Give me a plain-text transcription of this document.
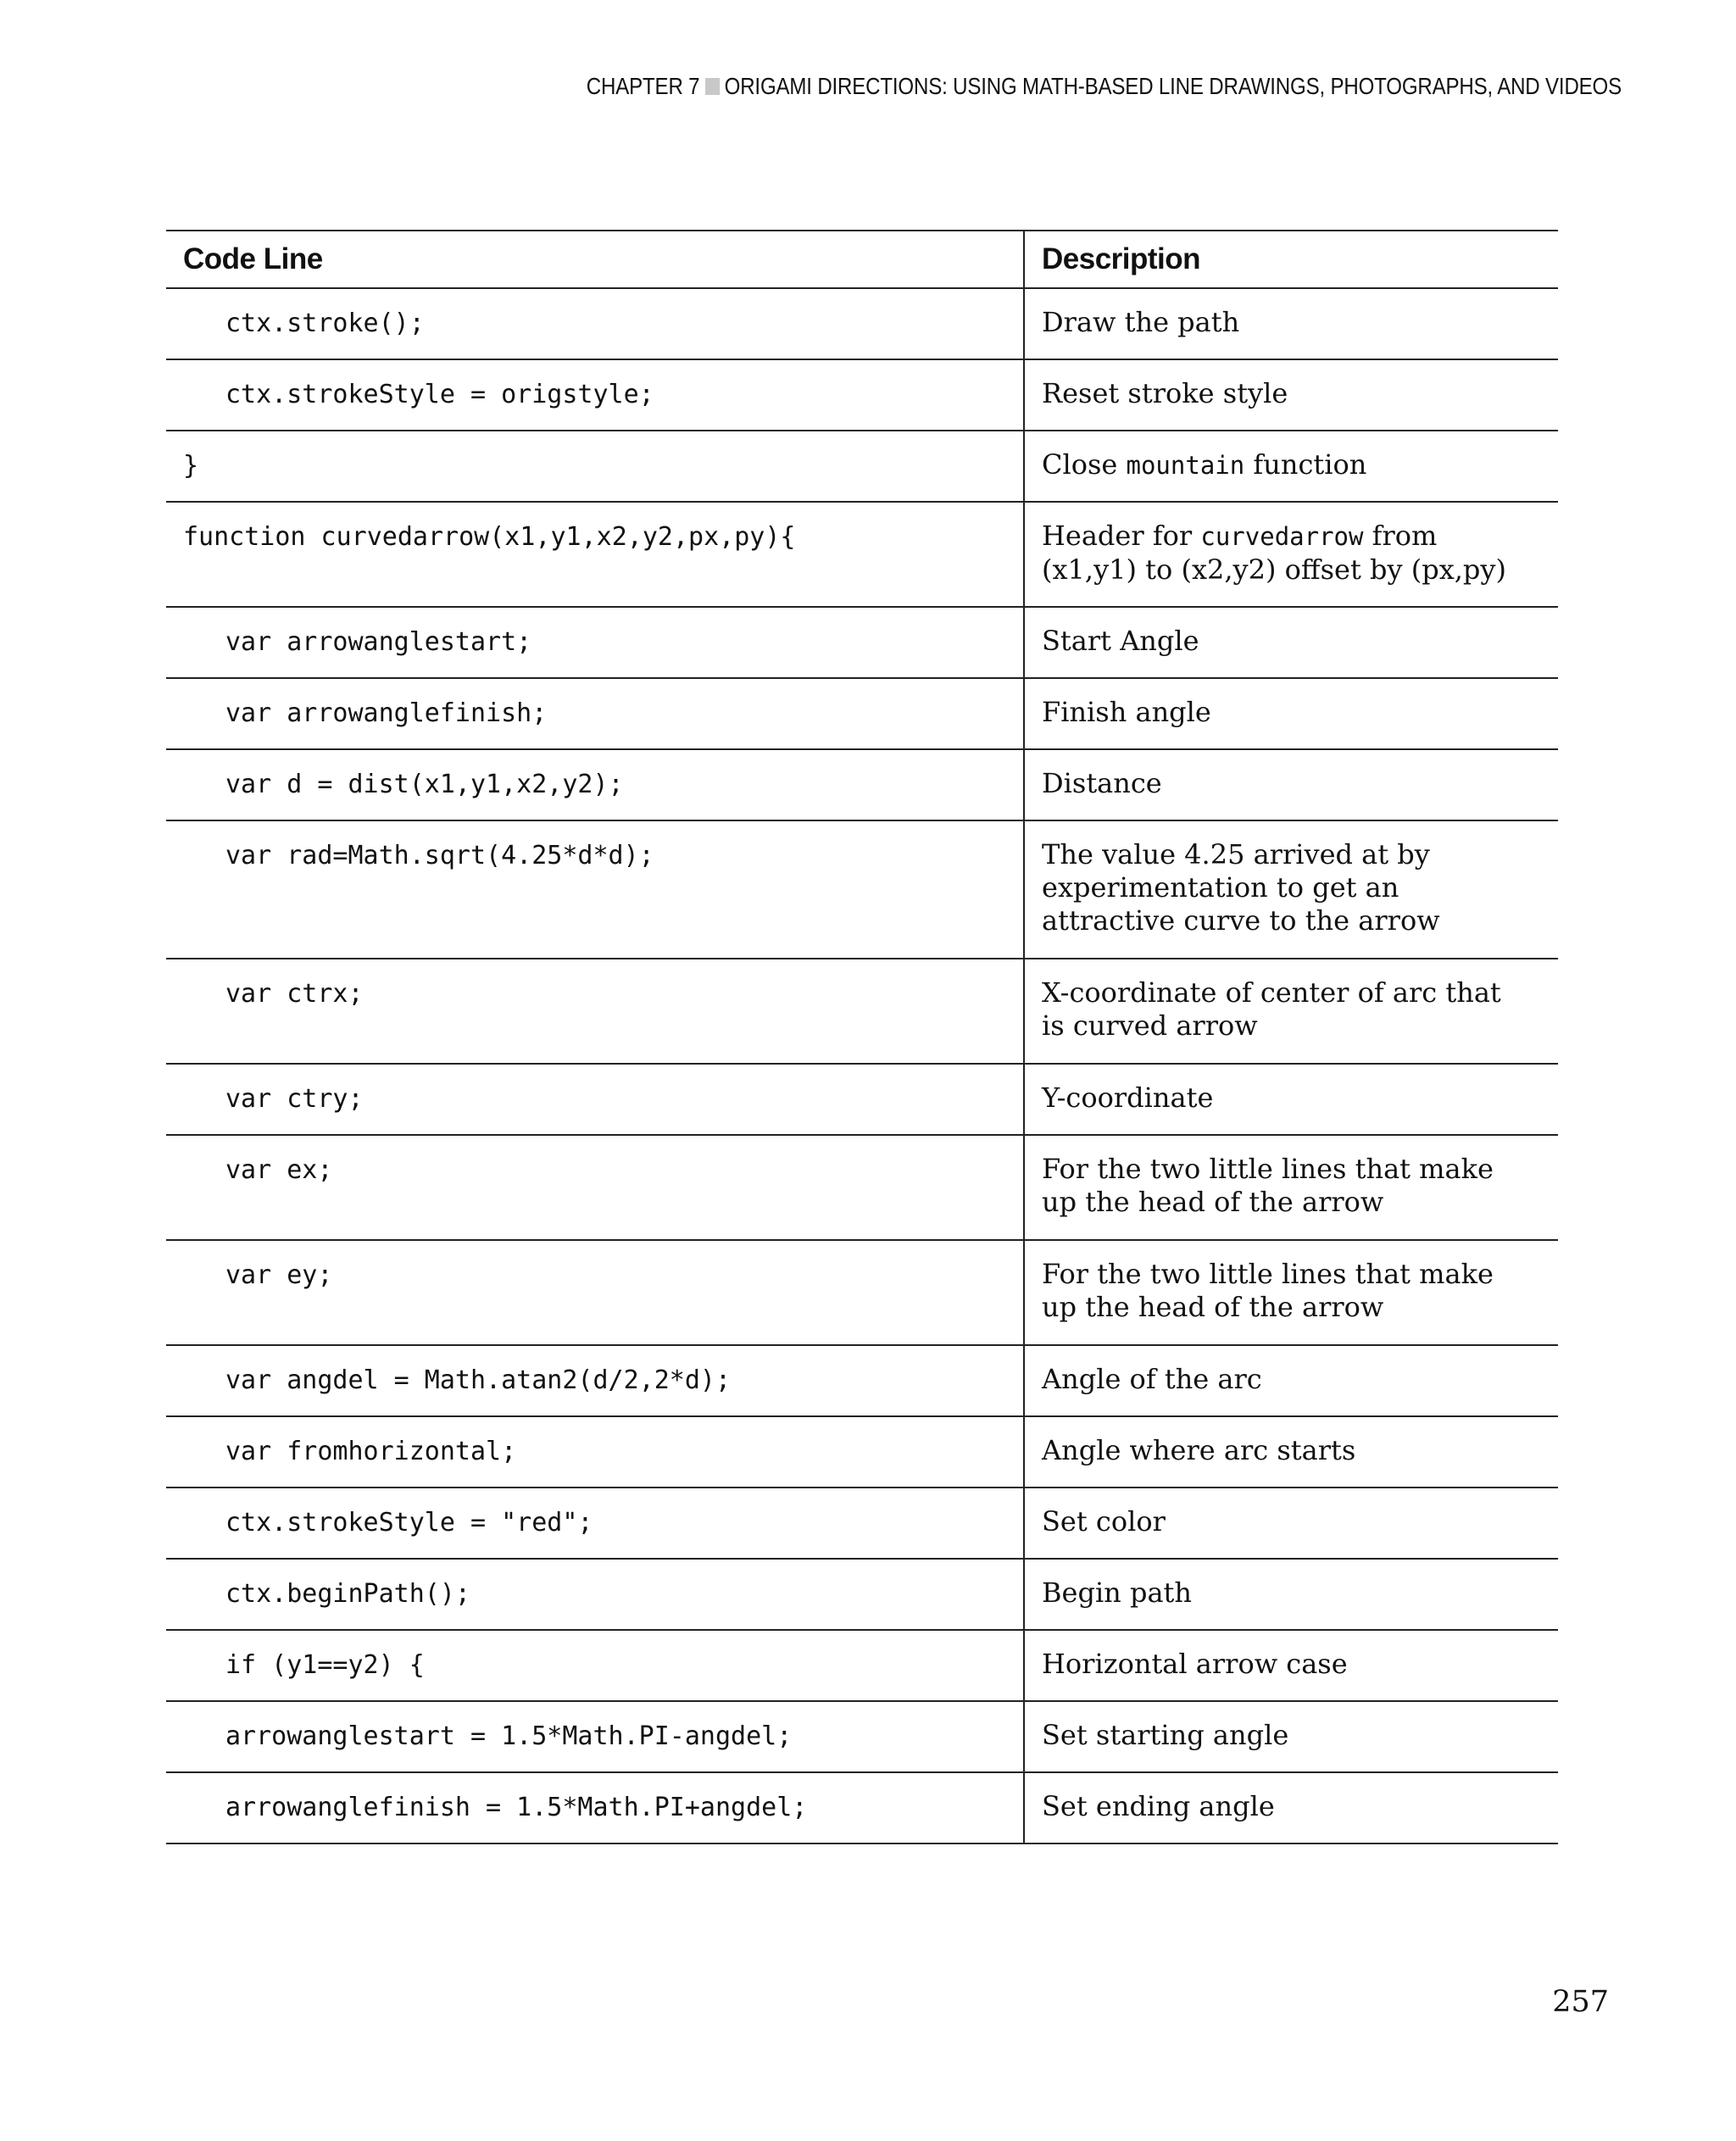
CHAPTER 7 ORIGAMI DIRECTIONS: USING MATH-BASED LINE DRAWINGS, PHOTOGRAPHS, AND VIDEOS
Code Line	Description
ctx.stroke();	Draw the path
ctx.strokeStyle = origstyle;	Reset stroke style
}	Close mountain function
function curvedarrow(x1,y1,x2,y2,px,py){	Header for curvedarrow from (x1,y1) to (x2,y2) offset by (px,py)
var arrowanglestart;	Start Angle
var arrowanglefinish;	Finish angle
var d = dist(x1,y1,x2,y2);	Distance
var rad=Math.sqrt(4.25*d*d);	The value 4.25 arrived at by experimentation to get an attractive curve to the arrow
var ctrx;	X-coordinate of center of arc that is curved arrow
var ctry;	Y-coordinate
var ex;	For the two little lines that make up the head of the arrow
var ey;	For the two little lines that make up the head of the arrow
var angdel = Math.atan2(d/2,2*d);	Angle of the arc
var fromhorizontal;	Angle where arc starts
ctx.strokeStyle = "red";	Set color
ctx.beginPath();	Begin path
if (y1==y2) {	Horizontal arrow case
arrowanglestart = 1.5*Math.PI-angdel;	Set starting angle
arrowanglefinish = 1.5*Math.PI+angdel;	Set ending angle
257
